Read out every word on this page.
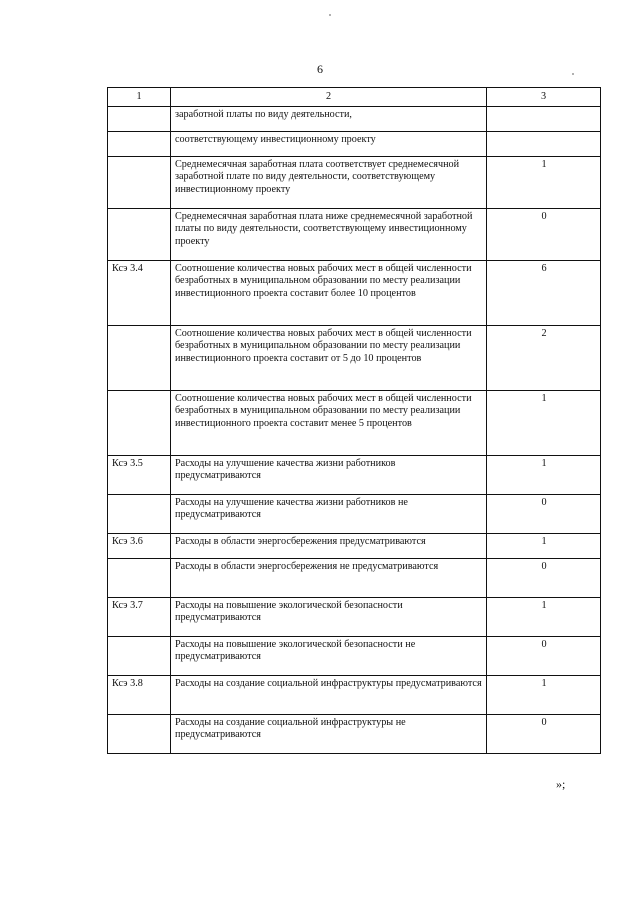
6
1	2	3
	заработной платы по виду деятельности,	
	соответствующему инвестиционному проекту	
	Среднемесячная заработная плата соответствует среднемесячной заработной плате по виду деятельности, соответствующему инвестиционному проекту	1
	Среднемесячная заработная плата ниже среднемесячной заработной платы по виду деятельности, соответствующему инвестиционному проекту	0
Ксэ 3.4	Соотношение количества новых рабочих мест в общей численности безработных в муниципальном образовании по месту реализации инвестиционного проекта составит более 10 процентов	6
	Соотношение количества новых рабочих мест в общей численности безработных в муниципальном образовании по месту реализации инвестиционного проекта составит от 5 до 10 процентов	2
	Соотношение количества новых рабочих мест в общей численности безработных в муниципальном образовании по месту реализации инвестиционного проекта составит менее 5 процентов	1
Ксэ 3.5	Расходы на улучшение качества жизни работников предусматриваются	1
	Расходы на улучшение качества жизни работников не предусматриваются	0
Ксэ 3.6	Расходы в области энергосбережения предусматриваются	1
	Расходы в области энергосбережения не предусматриваются	0
Ксэ 3.7	Расходы на повышение экологической безопасности предусматриваются	1
	Расходы на повышение экологической безопасности не предусматриваются	0
Ксэ 3.8	Расходы на создание социальной инфраструктуры предусматриваются	1
	Расходы на создание социальной инфраструктуры не предусматриваются	0
»;
